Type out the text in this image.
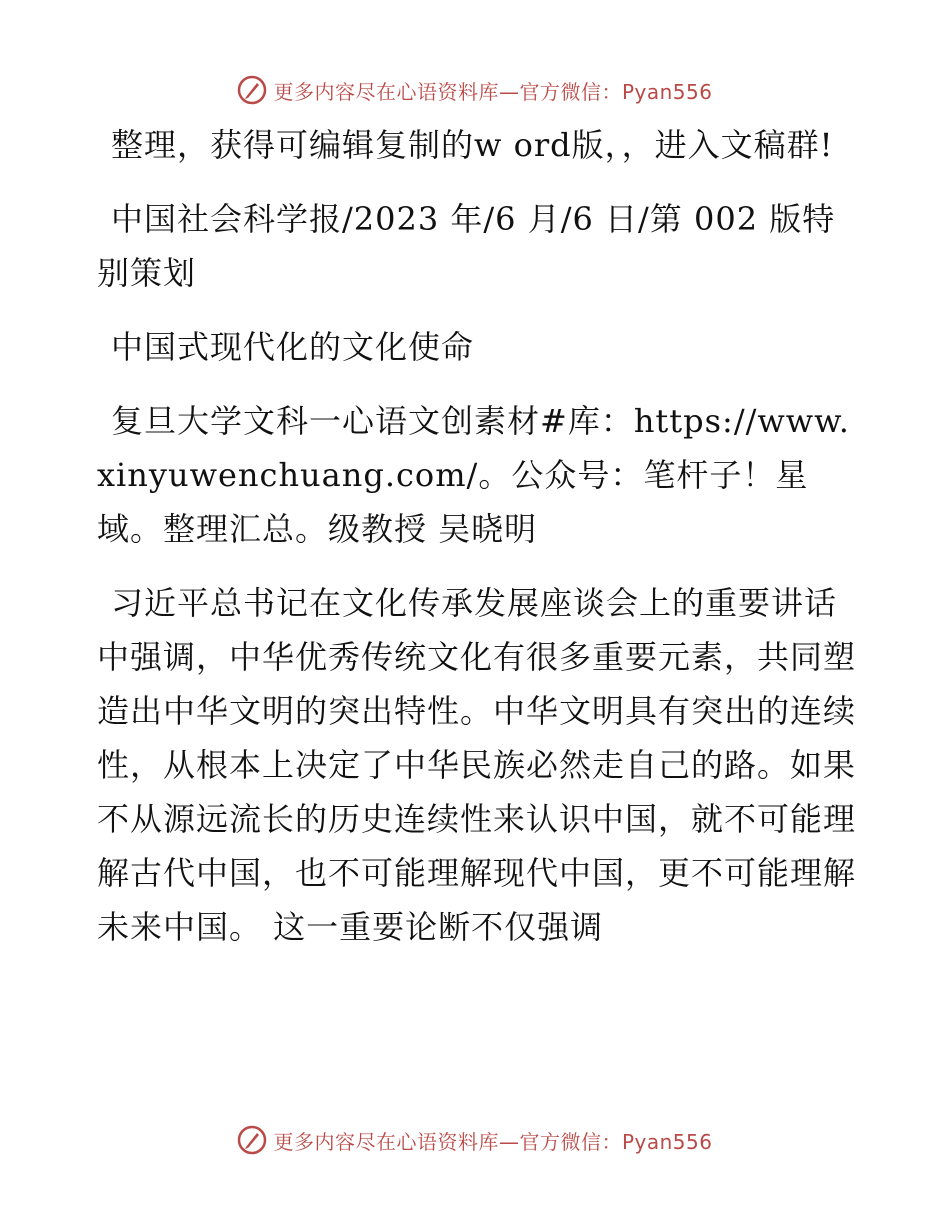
更多内容尽在心语资料库—官方微信：Pyan556

整理，获得可编辑复制的w ord版，，进入文稿群!

中国社会科学报/2023 年/6 月/6 日/第 002 版特别策划

中国式现代化的文化使命

复旦大学文科一心语文创素材#库：https://www.xinyuwenchuang.com/。公众号：笔杆子！星域。整理汇总。级教授 吴晓明

习近平总书记在文化传承发展座谈会上的重要讲话中强调，中华优秀传统文化有很多重要元素，共同塑造出中华文明的突出特性。中华文明具有突出的连续性，从根本上决定了中华民族必然走自己的路。如果不从源远流长的历史连续性来认识中国，就不可能理解古代中国，也不可能理解现代中国，更不可能理解未来中国。 这一重要论断不仅强调

更多内容尽在心语资料库—官方微信：Pyan556
